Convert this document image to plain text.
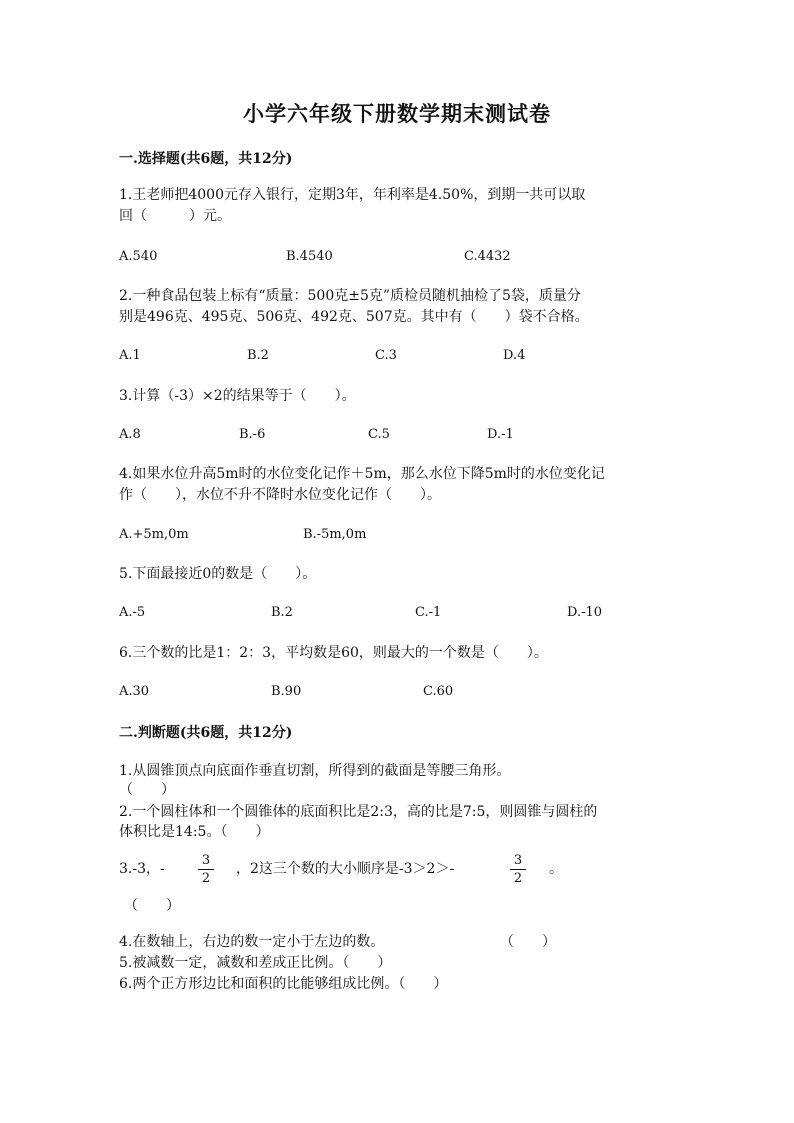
小学六年级下册数学期末测试卷
一.选择题(共6题，共12分)
1.王老师把4000元存入银行，定期3年，年利率是4.50%，到期一共可以取
回（　　　）元。
A.540	B.4540	C.4432
2.一种食品包装上标有“质量：500克±5克”质检员随机抽检了5袋，质量分
别是496克、495克、506克、492克、507克。其中有（　　）袋不合格。
A.1	B.2	C.3	D.4
3.计算（-3）×2的结果等于（　　）。
A.8	B.-6	C.5	D.-1
4.如果水位升高5m时的水位变化记作＋5m，那么水位下降5m时的水位变化记
作（　　），水位不升不降时水位变化记作（　　）。
A.+5m,0m	B.-5m,0m
5.下面最接近0的数是（　　）。
A.-5	B.2	C.-1	D.-10
6.三个数的比是1：2：3，平均数是60，则最大的一个数是（　　）。
A.30	B.90	C.60
二.判断题(共6题，共12分)
1.从圆锥顶点向底面作垂直切割，所得到的截面是等腰三角形。
（　　）
2.一个圆柱体和一个圆锥体的底面积比是2:3，高的比是7:5，则圆锥与圆柱的
体积比是14:5。（　　）
3.-3，-
3
2
，2这三个数的大小顺序是-3＞2＞-
3
2
。
（　　）
4.在数轴上，右边的数一定小于左边的数。	（　　）
5.被减数一定，减数和差成正比例。（　　）
6.两个正方形边比和面积的比能够组成比例。（　　）
